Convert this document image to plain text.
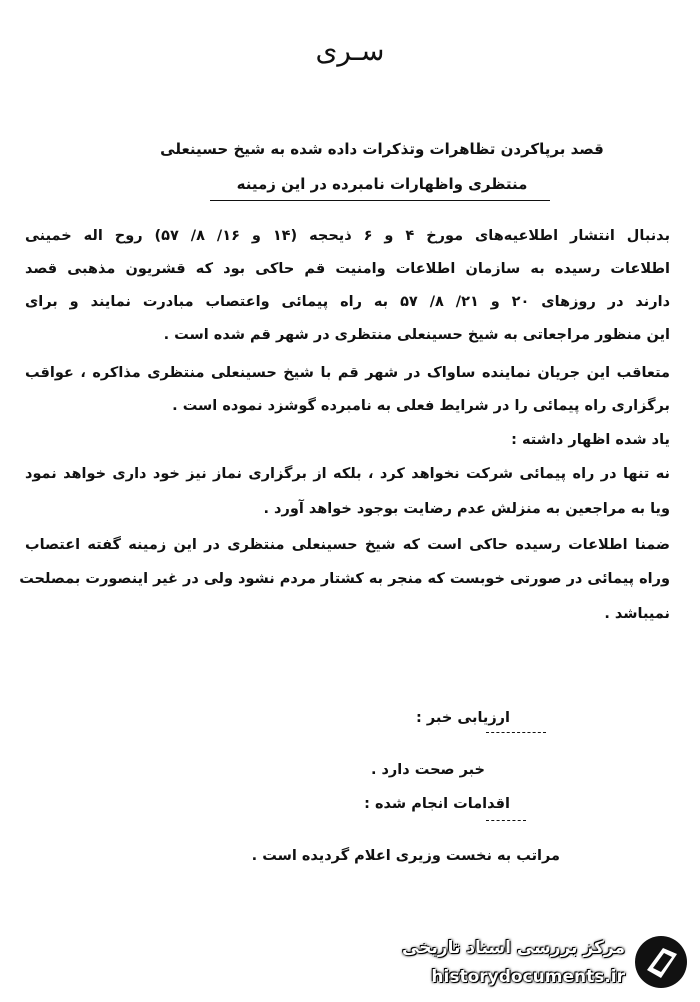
سـری
قصد برپاکردن تظاهرات وتذکرات داده شده به شیخ حسینعلی
منتظری واظهارات نامبرده در این زمینه
بدنبال انتشار اطلاعیه‌های مورخ ۴ و ۶ ذیحجه (۱۴ و ۱۶/ ۸/ ۵۷) روح اله خمینی
اطلاعات رسیده به سازمان اطلاعات وامنیت قم حاکی بود که قشریون مذهبی قصد
دارند در روزهای ۲۰ و ۲۱/ ۸/ ۵۷ به راه پیمائی واعتصاب مبادرت نمایند و برای
این منظور مراجعاتی به شیخ حسینعلی منتظری در شهر قم شده است .
متعاقب این جریان نماینده ساواک در شهر قم با شیخ حسینعلی منتظری مذاکره ، عواقب
برگزاری راه پیمائی را در شرایط فعلی به نامبرده گوشزد نموده است .
یاد شده اظهار داشته :
نه تنها در راه پیمائی شرکت نخواهد کرد ، بلکه از برگزاری نماز نیز خود داری خواهد نمود
ویا به مراجعین به منزلش عدم رضایت بوجود خواهد آورد .
ضمنا اطلاعات رسیده حاکی است که شیخ حسینعلی منتظری در این زمینه گفته اعتصاب
وراه پیمائی در صورتی خوبست که منجر به کشتار مردم نشود ولی در غیر اینصورت بمصلحت
نمیباشد .
ارزیابی خبر :
خبر صحت دارد .
اقدامات انجام شده :
مراتب به نخست وزیری اعلام گردیده است .
مرکز بررسی اسناد تاریخی
historydocuments.ir
